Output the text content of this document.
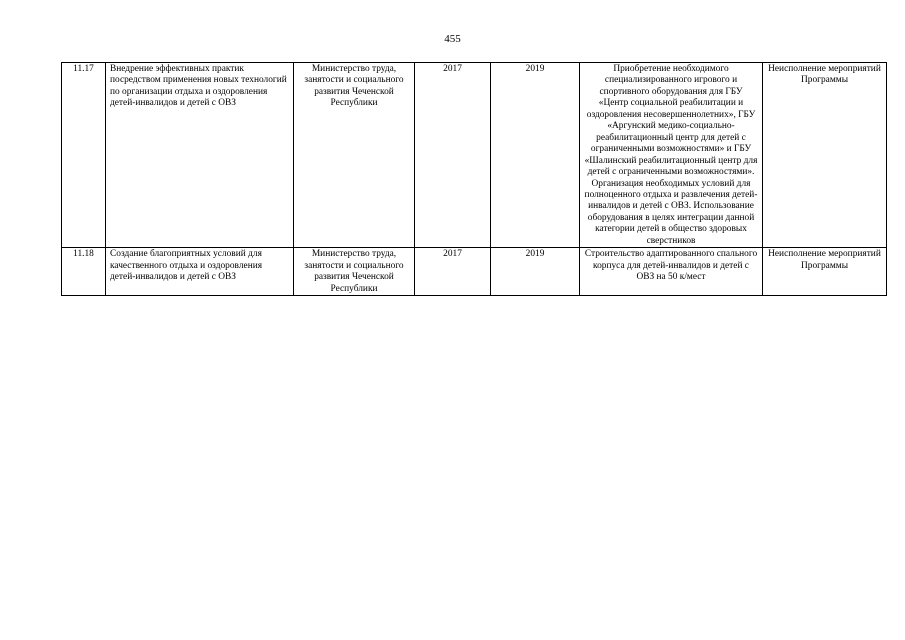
455
11.17	Внедрение эффективных практик посредством применения новых технологий по организации отдыха и оздоровления детей-инвалидов и детей с ОВЗ	Министерство труда, занятости и социального развития Чеченской Республики	2017	2019	Приобретение необходимого специализированного игрового и спортивного оборудования для ГБУ «Центр социальной реабилитации и оздоровления несовершеннолетних», ГБУ «Аргунский медико-социально-реабилитационный центр для детей с ограниченными возможностями» и ГБУ «Шалинский реабилитационный центр для детей с ограниченными возможностями». Организация необходимых условий для полноценного отдыха и развлечения детей-инвалидов и детей с ОВЗ. Использование оборудования в целях интеграции данной категории детей в общество здоровых сверстников	Неисполнение мероприятий Программы
11.18	Создание благоприятных условий для качественного отдыха и оздоровления детей-инвалидов и детей с ОВЗ	Министерство труда, занятости и социального развития Чеченской Республики	2017	2019	Строительство адаптированного спального корпуса для детей-инвалидов и детей с ОВЗ на 50 к/мест	Неисполнение мероприятий Программы
